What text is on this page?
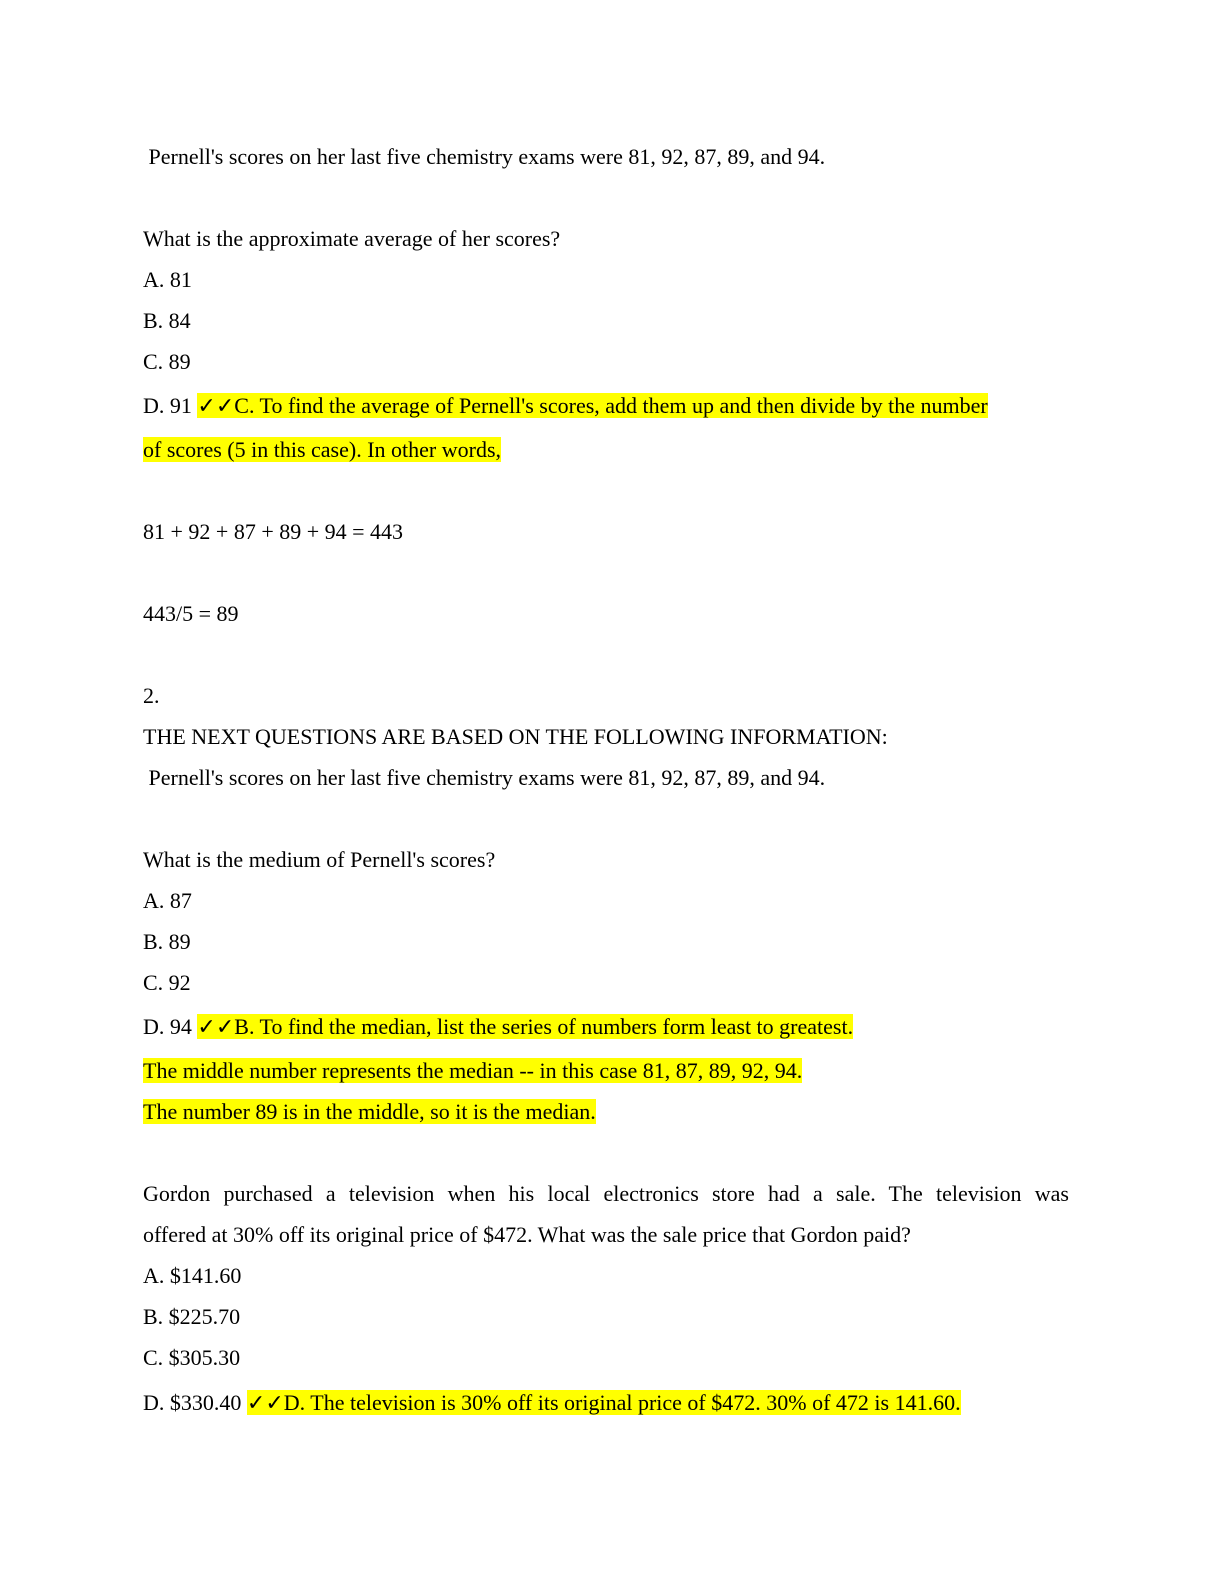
Pernell's scores on her last five chemistry exams were 81, 92, 87, 89, and 94.
What is the approximate average of her scores?
A. 81
B. 84
C. 89
D. 91 ✓✓C. To find the average of Pernell's scores, add them up and then divide by the number
of scores (5 in this case). In other words,
81 + 92 + 87 + 89 + 94 = 443
443/5 = 89
2.
THE NEXT QUESTIONS ARE BASED ON THE FOLLOWING INFORMATION:
Pernell's scores on her last five chemistry exams were 81, 92, 87, 89, and 94.
What is the medium of Pernell's scores?
A. 87
B. 89
C. 92
D. 94 ✓✓B. To find the median, list the series of numbers form least to greatest.
The middle number represents the median -- in this case 81, 87, 89, 92, 94.
The number 89 is in the middle, so it is the median.
Gordon purchased a television when his local electronics store had a sale. The television was
offered at 30% off its original price of $472. What was the sale price that Gordon paid?
A. $141.60
B. $225.70
C. $305.30
D. $330.40 ✓✓D. The television is 30% off its original price of $472. 30% of 472 is 141.60.
